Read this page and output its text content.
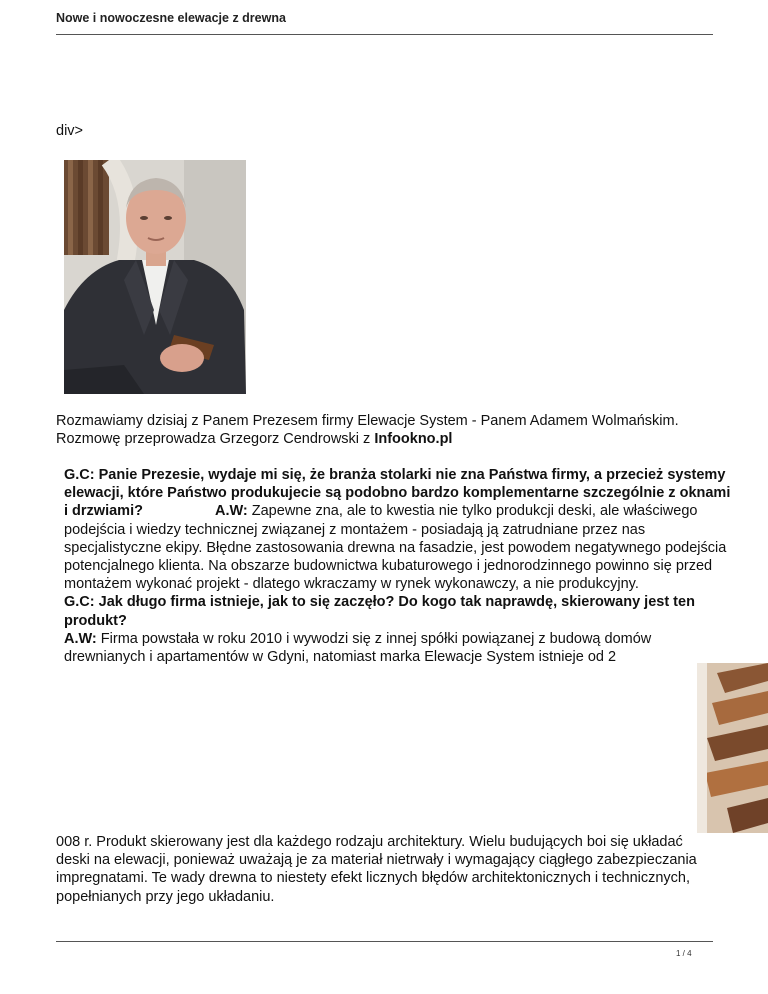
Nowe i nowoczesne elewacje z drewna
div>
Rozmawiamy dzisiaj z Panem Prezesem firmy Elewacje System - Panem Adamem Wolmańskim. Rozmowę przeprowadza Grzegorz Cendrowski z Infookno.pl

G.C: Panie Prezesie, wydaje mi się, że branża stolarki nie zna Państwa firmy, a przecież systemy elewacji, które Państwo produkujecie są podobno bardzo komplementarne szczególnie z oknami i drzwiami?	A.W: Zapewne zna, ale to kwestia nie tylko produkcji deski, ale właściwego podejścia i wiedzy technicznej związanej z montażem - posiadają ją zatrudniane przez nas specjalistyczne ekipy. Błędne zastosowania drewna na fasadzie, jest powodem negatywnego podejścia potencjalnego klienta. Na obszarze budownictwa kubaturowego i jednorodzinnego powinno się przed montażem wykonać projekt - dlatego wkraczamy w rynek wykonawczy, a nie produkcyjny.

G.C: Jak długo firma istnieje, jak to się zaczęło? Do kogo tak naprawdę, skierowany jest ten produkt?

A.W: Firma powstała w roku 2010 i wywodzi się z innej spółki powiązanej z budową domów drewnianych i apartamentów w Gdyni, natomiast marka Elewacje System istnieje od 2

008 r. Produkt skierowany jest dla każdego rodzaju architektury. Wielu budujących boi się układać deski na elewacji, ponieważ uważają je za materiał nietrwały i wymagający ciągłego zabezpieczania impregnatami. Te wady drewna to niestety efekt licznych błędów architektonicznych i technicznych, popełnianych przy jego układaniu.
1 / 4
